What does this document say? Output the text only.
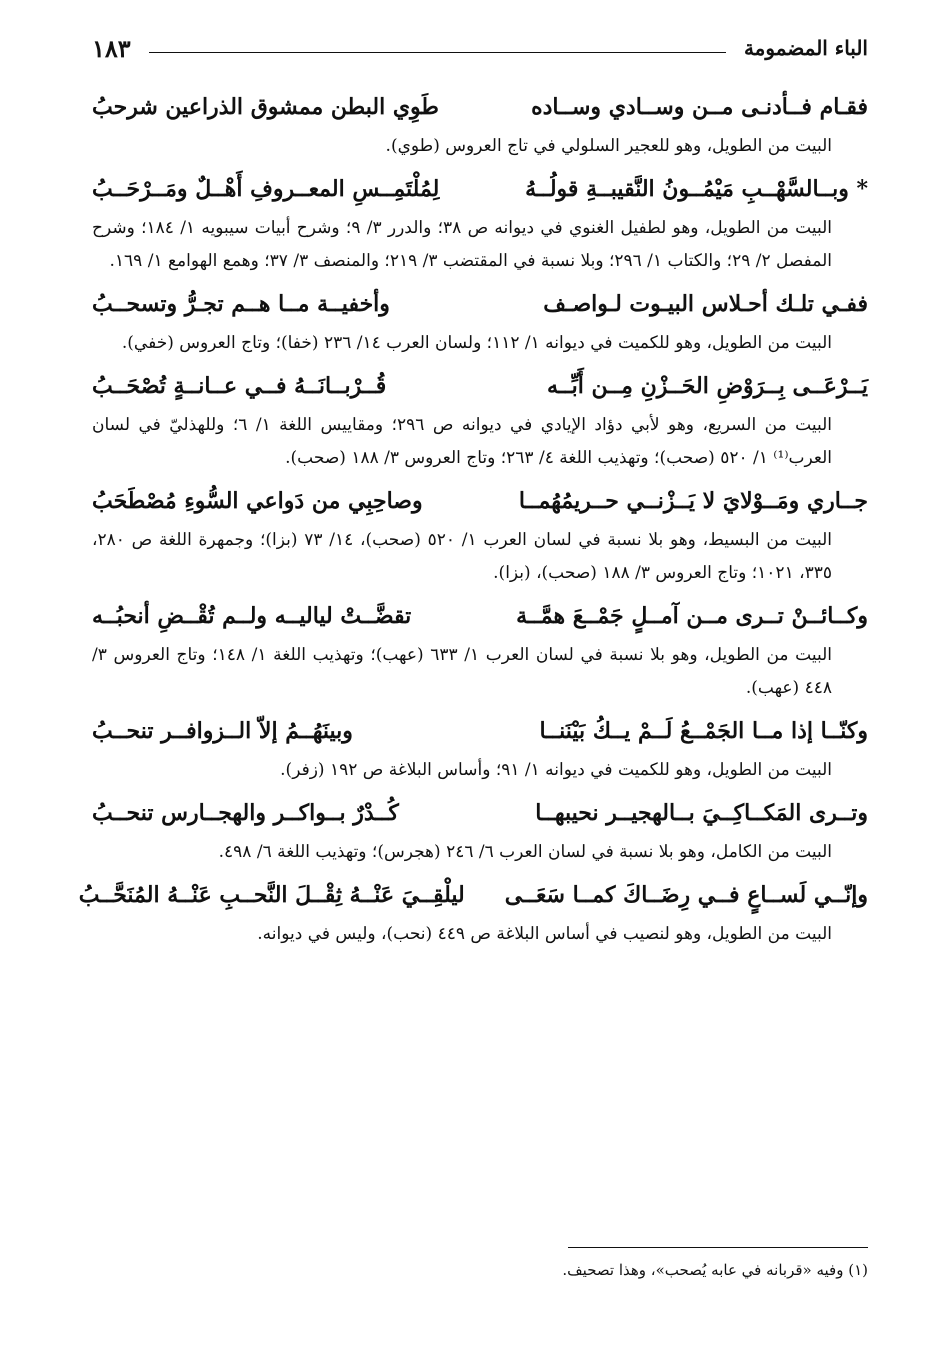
الباء المضمومة
١٨٣
فقـام فــأدنـى مــن وســادي وســاده
طَوِي البطن ممشوق الذراعين شرحبُ
البيت من الطويل، وهو للعجير السلولي في تاج العروس (طوي).
* وبــالسَّهْــبِ مَيْمُــونُ النَّقيبــةِ قولُــهُ
لِمُلْتَمِــسِ المعــروفِ أَهْــلٌ ومَــرْحَــبُ
البيت من الطويل، وهو لطفيل الغنوي في ديوانه ص ٣٨؛ والدرر ٣/ ٩؛ وشرح أبيات سيبويه ١/ ١٨٤؛ وشرح المفصل ٢/ ٢٩؛ والكتاب ١/ ٢٩٦؛ وبلا نسبة في المقتضب ٣/ ٢١٩؛ والمنصف ٣/ ٣٧؛ وهمع الهوامع ١/ ١٦٩.
ففـي تلـك أحـلاس البيـوت لـواصـف
وأخفيــة مــا هــم تجـرُّ وتسحــبُ
البيت من الطويل، وهو للكميت في ديوانه ١/ ١١٢؛ ولسان العرب ١٤/ ٢٣٦ (خفا)؛ وتاج العروس (خفي).
يَــرْعَــى بِــرَوْضِ الحَــزْنِ مِــن أَبِّــه
قُــرْبــانَــهُ فــي عــانــةٍ تُصْحَــبُ
البيت من السريع، وهو لأبي دؤاد الإيادي في ديوانه ص ٢٩٦؛ ومقاييس اللغة ١/ ٦؛ وللهذليّ في لسان العرب⁽¹⁾ ١/ ٥٢٠ (صحب)؛ وتهذيب اللغة ٤/ ٢٦٣؛ وتاج العروس ٣/ ١٨٨ (صحب).
جــاري ومَــوْلايَ لا يَــزْنــي حــريمُهُمــا
وصاحِبِي من دَواعي السُّوءِ مُصْطَحَبُ
البيت من البسيط، وهو بلا نسبة في لسان العرب ١/ ٥٢٠ (صحب)، ١٤/ ٧٣ (بزا)؛ وجمهرة اللغة ص ٢٨٠، ٣٣٥، ١٠٢١؛ وتاج العروس ٣/ ١٨٨ (صحب)، (بزا).
وكــائــنْ تــرى مــن آمــلٍ جَمْــعَ همَّــة
تقضَّــتْ لياليــه ولــم تُقْــضِ أنحبُــه
البيت من الطويل، وهو بلا نسبة في لسان العرب ١/ ٦٣٣ (عهب)؛ وتهذيب اللغة ١/ ١٤٨؛ وتاج العروس ٣/ ٤٤٨ (عهب).
وكنّــا إذا مــا الجَمْــعُ لَــمْ يــكُ بَيْنَنــا
وبينَهُــمُ إلاّ الــزوافــر تنحــبُ
البيت من الطويل، وهو للكميت في ديوانه ١/ ٩١؛ وأساس البلاغة ص ١٩٢ (زفر).
وتــرى المَكــاكِــيَ بــالهجيــر نحيبهــا
كُــدْرٌ بــواكــر والهجــارس تنحــبُ
البيت من الكامل، وهو بلا نسبة في لسان العرب ٦/ ٢٤٦ (هجرس)؛ وتهذيب اللغة ٦/ ٤٩٨.
وإنّــي لَســاعٍ فــي رِضَــاكَ كمــا سَعَــى
ليلْقِــيَ عَنْــهُ ثِقْــلَ النَّحــبِ عَنْــهُ المُنَحَّــبُ
البيت من الطويل، وهو لنصيب في أساس البلاغة ص ٤٤٩ (نحب)، وليس في ديوانه.
(١) وفيه «قربانه في عابه يُصحب»، وهذا تصحيف.
